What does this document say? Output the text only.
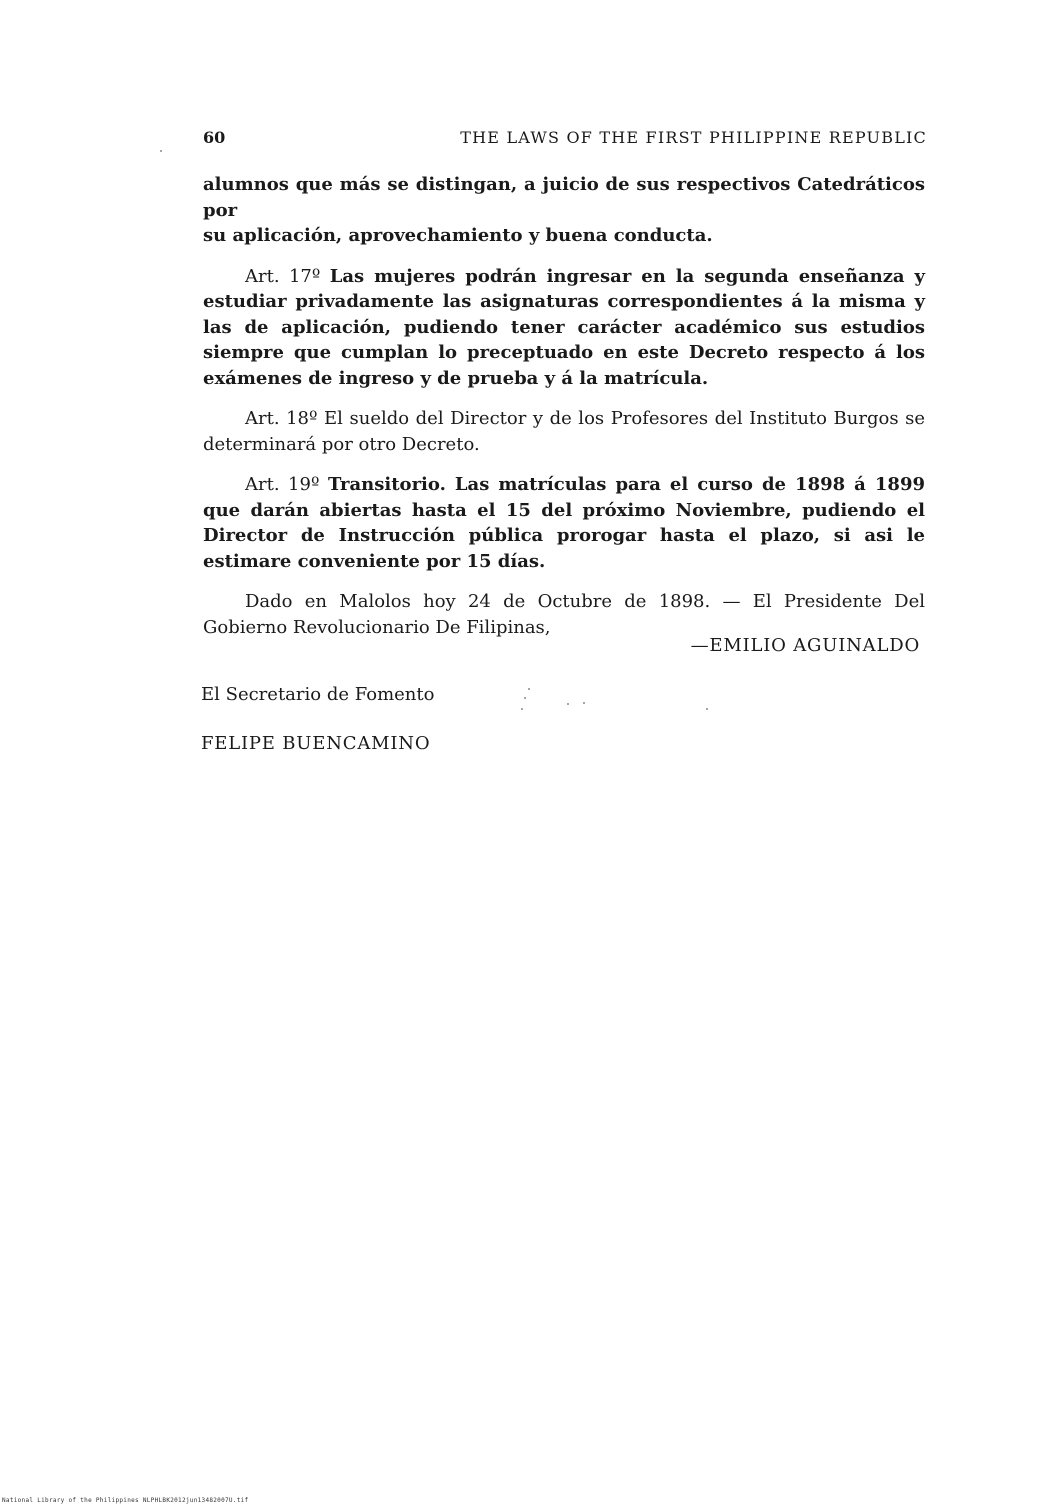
60	THE LAWS OF THE FIRST PHILIPPINE REPUBLIC

alumnos que más se distingan, a juicio de sus respectivos Catedráticos por
su aplicación, aprovechamiento y buena conducta.

Art. 17º Las mujeres podrán ingresar en la segunda enseñanza y estudiar privadamente las asignaturas correspondientes á la misma y las de aplicación, pudiendo tener carácter académico sus estudios siempre que cumplan lo preceptuado en este Decreto respecto á los exámenes de ingreso y de prueba y á la matrícula.

Art. 18º El sueldo del Director y de los Profesores del Instituto Burgos se determinará por otro Decreto.

Art. 19º Transitorio. Las matrículas para el curso de 1898 á 1899 que darán abiertas hasta el 15 del próximo Noviembre, pudiendo el Director de Instrucción pública prorogar hasta el plazo, si asi le estimare conveniente por 15 días.

Dado en Malolos hoy 24 de Octubre de 1898. — El Presidente Del Gobierno Revolucionario De Filipinas,

—EMILIO AGUINALDO
El Secretario de Fomento
FELIPE BUENCAMINO
National Library of the Philippines NLPHLBK2012jun13482007U.tif
